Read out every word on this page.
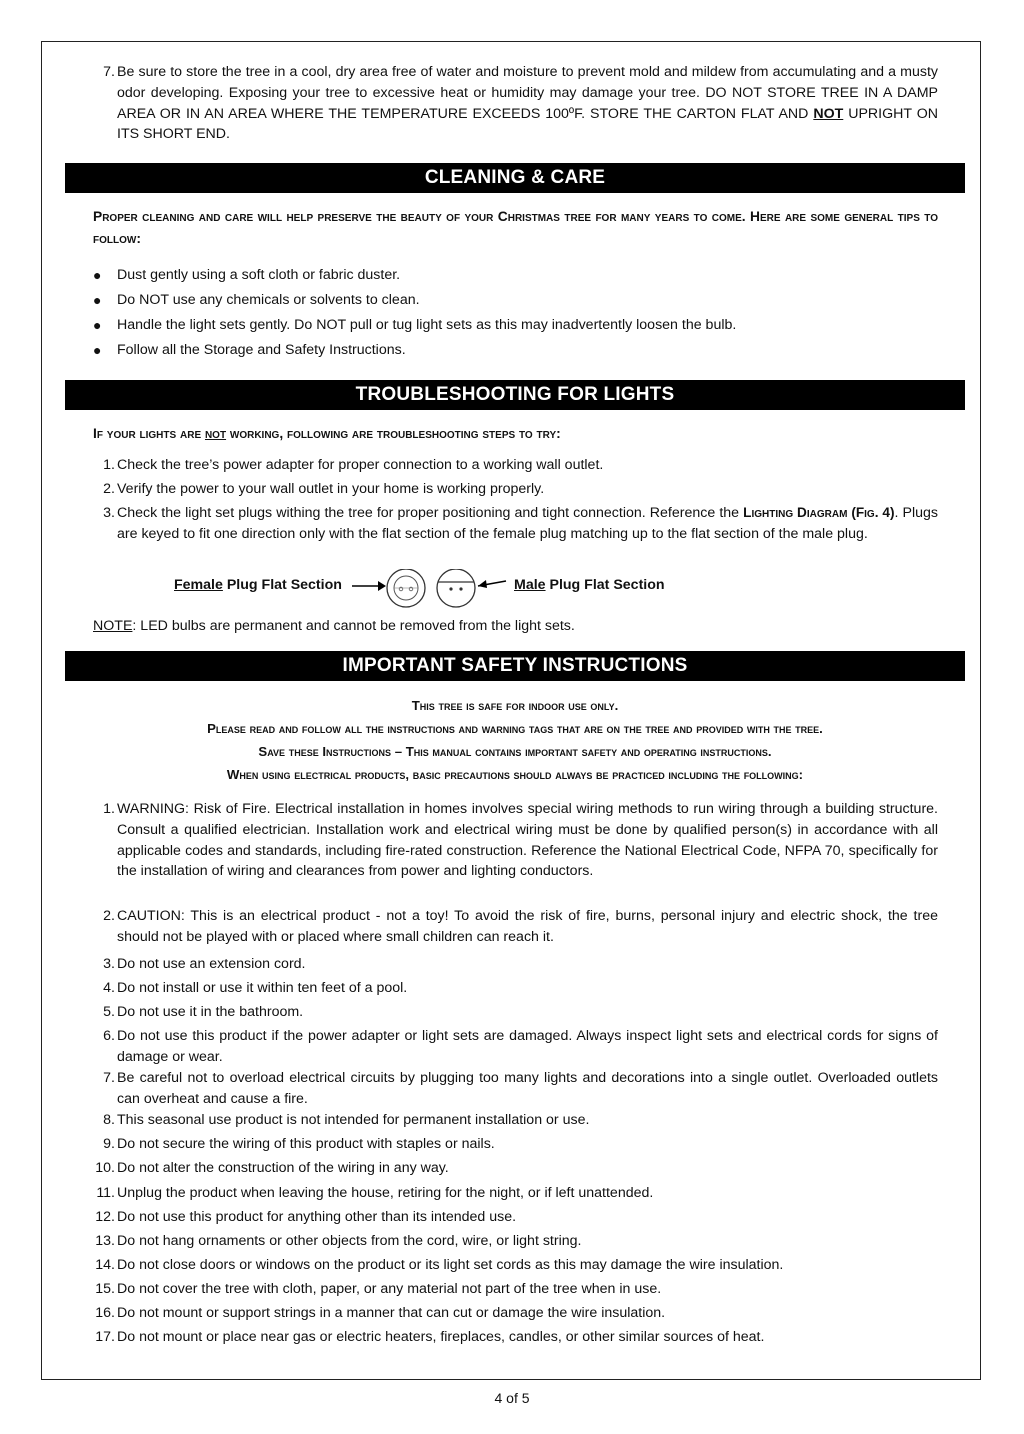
7. Be sure to store the tree in a cool, dry area free of water and moisture to prevent mold and mildew from accumulating and a musty odor developing. Exposing your tree to excessive heat or humidity may damage your tree. DO NOT STORE TREE IN A DAMP AREA OR IN AN AREA WHERE THE TEMPERATURE EXCEEDS 100ºF. STORE THE CARTON FLAT AND NOT UPRIGHT ON ITS SHORT END.
CLEANING & CARE
Proper cleaning and care will help preserve the beauty of your Christmas tree for many years to come. Here are some general tips to follow:
● Dust gently using a soft cloth or fabric duster.
● Do NOT use any chemicals or solvents to clean.
● Handle the light sets gently. Do NOT pull or tug light sets as this may inadvertently loosen the bulb.
● Follow all the Storage and Safety Instructions.
TROUBLESHOOTING FOR LIGHTS
If your lights are not working, following are troubleshooting steps to try:
1. Check the tree’s power adapter for proper connection to a working wall outlet.
2. Verify the power to your wall outlet in your home is working properly.
3. Check the light set plugs withing the tree for proper positioning and tight connection. Reference the Lighting Diagram (Fig. 4). Plugs are keyed to fit one direction only with the flat section of the female plug matching up to the flat section of the male plug.
Female Plug Flat Section	Male Plug Flat Section
NOTE: LED bulbs are permanent and cannot be removed from the light sets.
IMPORTANT SAFETY INSTRUCTIONS
This tree is safe for indoor use only.
Please read and follow all the instructions and warning tags that are on the tree and provided with the tree.
Save these Instructions – This manual contains important safety and operating instructions.
When using electrical products, basic precautions should always be practiced including the following:
1. WARNING: Risk of Fire. Electrical installation in homes involves special wiring methods to run wiring through a building structure. Consult a qualified electrician. Installation work and electrical wiring must be done by qualified person(s) in accordance with all applicable codes and standards, including fire-rated construction. Reference the National Electrical Code, NFPA 70, specifically for the installation of wiring and clearances from power and lighting conductors.
2. CAUTION: This is an electrical product - not a toy! To avoid the risk of fire, burns, personal injury and electric shock, the tree should not be played with or placed where small children can reach it.
3. Do not use an extension cord.
4. Do not install or use it within ten feet of a pool.
5. Do not use it in the bathroom.
6. Do not use this product if the power adapter or light sets are damaged. Always inspect light sets and electrical cords for signs of damage or wear.
7. Be careful not to overload electrical circuits by plugging too many lights and decorations into a single outlet. Overloaded outlets can overheat and cause a fire.
8. This seasonal use product is not intended for permanent installation or use.
9. Do not secure the wiring of this product with staples or nails.
10. Do not alter the construction of the wiring in any way.
11. Unplug the product when leaving the house, retiring for the night, or if left unattended.
12. Do not use this product for anything other than its intended use.
13. Do not hang ornaments or other objects from the cord, wire, or light string.
14. Do not close doors or windows on the product or its light set cords as this may damage the wire insulation.
15. Do not cover the tree with cloth, paper, or any material not part of the tree when in use.
16. Do not mount or support strings in a manner that can cut or damage the wire insulation.
17. Do not mount or place near gas or electric heaters, fireplaces, candles, or other similar sources of heat.
4 of 5
